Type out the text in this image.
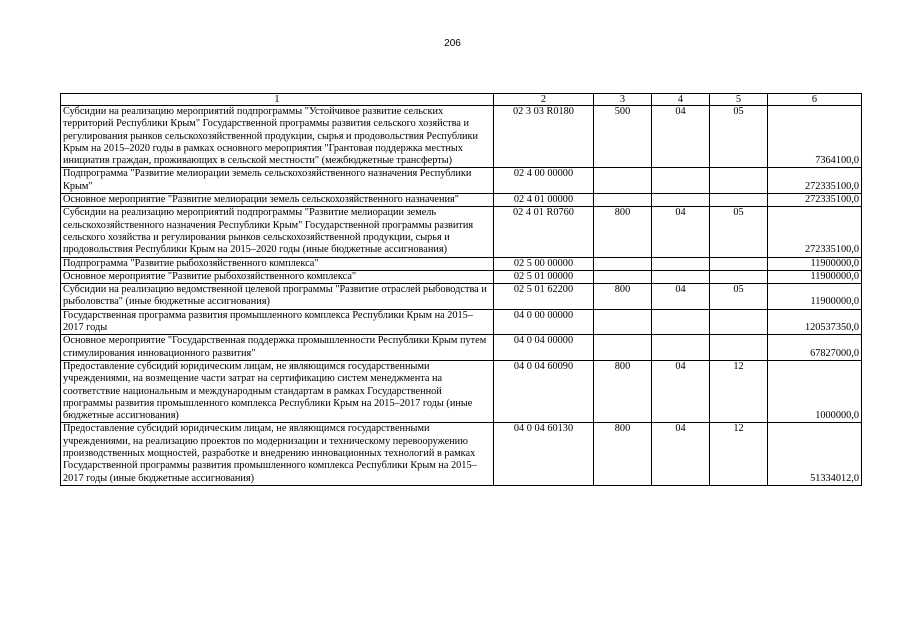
206
1	2	3	4	5	6
Субсидии на реализацию мероприятий подпрограммы "Устойчивое развитие сельских территорий Республики Крым" Государственной программы развития сельского хозяйства и регулирования рынков сельскохозяйственной продукции, сырья и продовольствия Республики Крым на 2015–2020 годы в рамках основного мероприятия "Грантовая поддержка местных инициатив граждан, проживающих в сельской местности" (межбюджетные трансферты)	02 3 03 R0180	500	04	05	7364100,0
Подпрограмма "Развитие мелиорации земель сельскохозяйственного назначения Республики Крым"	02 4 00 00000				272335100,0
Основное мероприятие "Развитие мелиорации земель сельскохозяйственного назначения"	02 4 01 00000				272335100,0
Субсидии на реализацию мероприятий подпрограммы "Развитие мелиорации земель сельскохозяйственного назначения Республики Крым" Государственной программы развития сельского хозяйства и регулирования рынков сельскохозяйственной продукции, сырья и продовольствия Республики Крым на 2015–2020 годы (иные бюджетные ассигнования)	02 4 01 R0760	800	04	05	272335100,0
Подпрограмма "Развитие рыбохозяйственного комплекса"	02 5 00 00000				11900000,0
Основное мероприятие "Развитие рыбохозяйственного комплекса"	02 5 01 00000				11900000,0
Субсидии на реализацию ведомственной целевой программы "Развитие отраслей рыбоводства и рыболовства" (иные бюджетные ассигнования)	02 5 01 62200	800	04	05	11900000,0
Государственная программа развития промышленного комплекса Республики Крым на 2015–2017 годы	04 0 00 00000				120537350,0
Основное мероприятие "Государственная поддержка промышленности Республики Крым путем стимулирования инновационного развития"	04 0 04 00000				67827000,0
Предоставление субсидий юридическим лицам, не являющимся государственными учреждениями, на возмещение части затрат на сертификацию систем менеджмента на соответствие национальным и международным стандартам в рамках Государственной программы развития промышленного комплекса Республики Крым на 2015–2017 годы (иные бюджетные ассигнования)	04 0 04 60090	800	04	12	1000000,0
Предоставление субсидий юридическим лицам, не являющимся государственными учреждениями, на реализацию проектов по модернизации и техническому перевооружению производственных мощностей, разработке и внедрению инновационных технологий в рамках Государственной программы развития промышленного комплекса Республики Крым на 2015–2017 годы (иные бюджетные ассигнования)	04 0 04 60130	800	04	12	51334012,0
